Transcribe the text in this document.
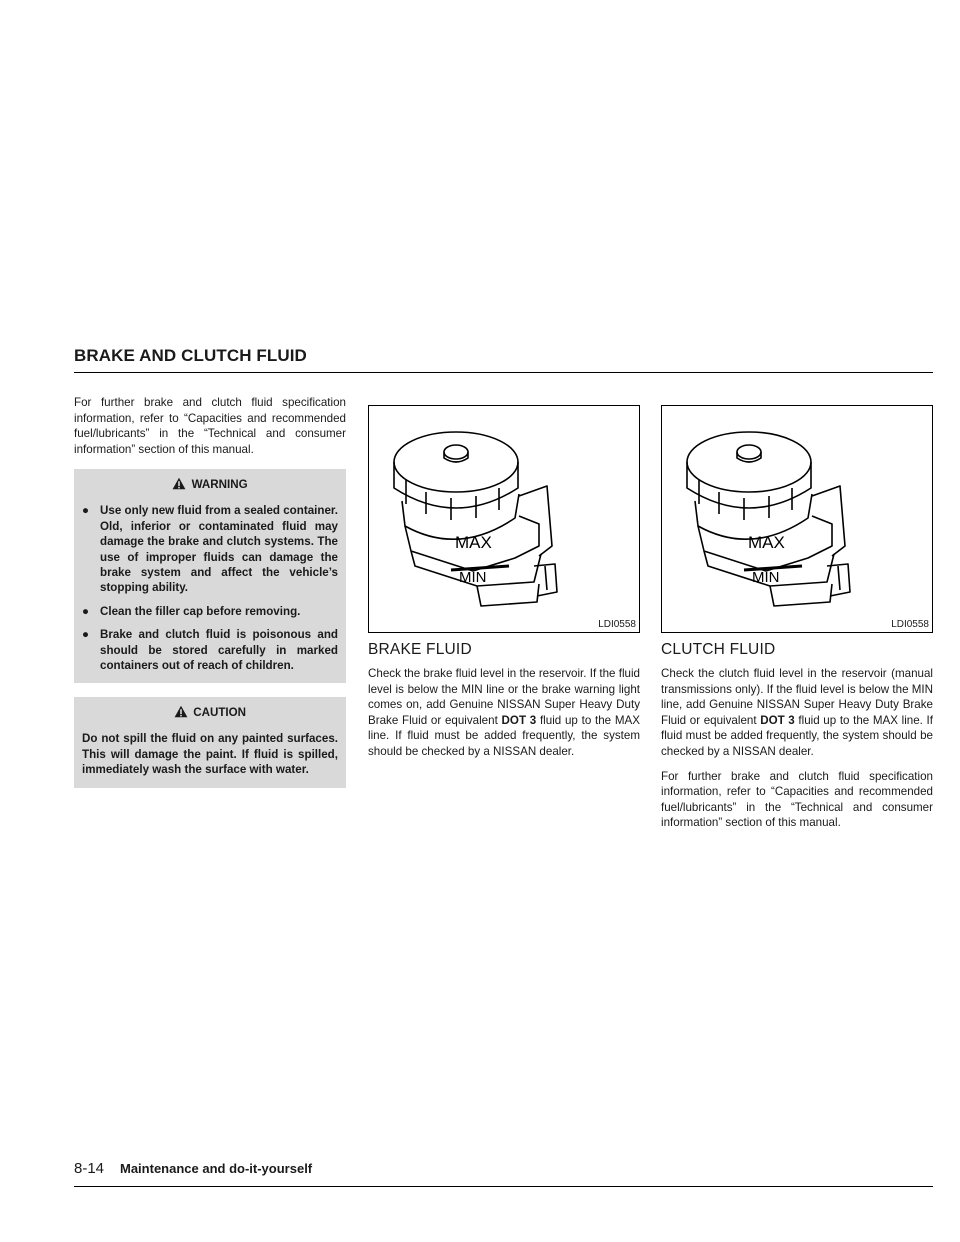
BRAKE AND CLUTCH FLUID

For further brake and clutch fluid specification information, refer to “Capacities and recommended fuel/lubricants” in the “Technical and consumer information” section of this manual.

WARNING
● Use only new fluid from a sealed container. Old, inferior or contaminated fluid may damage the brake and clutch systems. The use of improper fluids can damage the brake system and affect the vehicle’s stopping ability.
● Clean the filler cap before removing.
● Brake and clutch fluid is poisonous and should be stored carefully in marked containers out of reach of children.
CAUTION

Do not spill the fluid on any painted surfaces. This will damage the paint. If fluid is spilled, immediately wash the surface with water.

MAX
MIN
LDI0558
BRAKE FLUID

Check the brake fluid level in the reservoir. If the fluid level is below the MIN line or the brake warning light comes on, add Genuine NISSAN Super Heavy Duty Brake Fluid or equivalent DOT 3 fluid up to the MAX line. If fluid must be added frequently, the system should be checked by a NISSAN dealer.

MAX
MIN
LDI0558
CLUTCH FLUID

Check the clutch fluid level in the reservoir (manual transmissions only). If the fluid level is below the MIN line, add Genuine NISSAN Super Heavy Duty Brake Fluid or equivalent DOT 3 fluid up to the MAX line. If fluid must be added frequently, the system should be checked by a NISSAN dealer.

For further brake and clutch fluid specification information, refer to “Capacities and recommended fuel/lubricants” in the “Technical and consumer information” section of this manual.

8-14 Maintenance and do-it-yourself
